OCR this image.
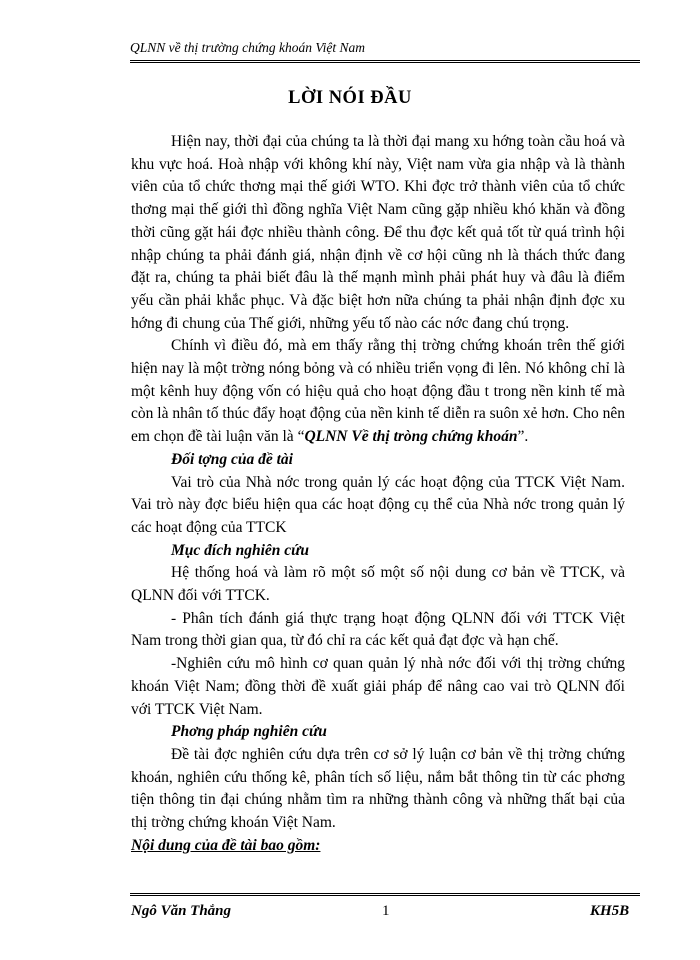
QLNN về thị trường chứng khoán Việt Nam
LỜI NÓI ĐẦU

Hiện nay, thời đại của chúng ta là thời đại mang xu hớng toàn cầu hoá và khu vực hoá. Hoà nhập với không khí này, Việt nam vừa gia nhập và là thành viên của tổ chức thơng mại thế giới WTO. Khi đợc trở thành viên của tổ chức thơng mại thế giới thì đồng nghĩa Việt Nam cũng gặp nhiều khó khăn và đồng thời cũng gặt hái đợc nhiều thành công. Để thu đợc kết quả tốt từ quá trình hội nhập chúng ta phải đánh giá, nhận định về cơ hội cũng nh là thách thức đang đặt ra, chúng ta phải biết đâu là thế mạnh mình phải phát huy và đâu là điểm yếu cần phải khắc phục. Và đặc biệt hơn nữa chúng ta phải nhận định đợc xu hớng đi chung của Thế giới, những yếu tố nào các nớc đang chú trọng.

Chính vì điều đó, mà em thấy rằng thị trờng chứng khoán trên thế giới hiện nay là một trờng nóng bỏng và có nhiều triển vọng đi lên. Nó không chỉ là một kênh huy động vốn có hiệu quả cho hoạt động đầu t trong nền kinh tế mà còn là nhân tố thúc đẩy hoạt động của nền kinh tế diễn ra suôn xẻ hơn. Cho nên em chọn đề tài luận văn là “QLNN Về thị tròng chứng khoán”.

Đối tợng của đề tài

Vai trò của Nhà nớc trong quản lý các hoạt động của TTCK Việt Nam. Vai trò này đợc biểu hiện qua các hoạt động cụ thể của Nhà nớc trong quản lý các hoạt động của TTCK

Mục đích nghiên cứu

Hệ thống hoá và làm rõ một số một số nội dung cơ bản về TTCK, và QLNN đối với TTCK.

- Phân tích đánh giá thực trạng hoạt động QLNN đối với TTCK Việt Nam trong thời gian qua, từ đó chỉ ra các kết quả đạt đợc và hạn chế.

-Nghiên cứu mô hình cơ quan quản lý nhà nớc đối với thị trờng chứng khoán Việt Nam; đồng thời đề xuất giải pháp để nâng cao vai trò QLNN đối với TTCK Việt Nam.

Phơng pháp nghiên cứu

Đề tài đợc nghiên cứu dựa trên cơ sở lý luận cơ bản về thị trờng chứng khoán, nghiên cứu thống kê, phân tích số liệu, nắm bắt thông tin từ các phơng tiện thông tin đại chúng nhằm tìm ra những thành công và những thất bại của thị trờng chứng khoán Việt Nam.

Nội dung của đề tài bao gồm:

Ngô Văn Thắng	1	KH5B
